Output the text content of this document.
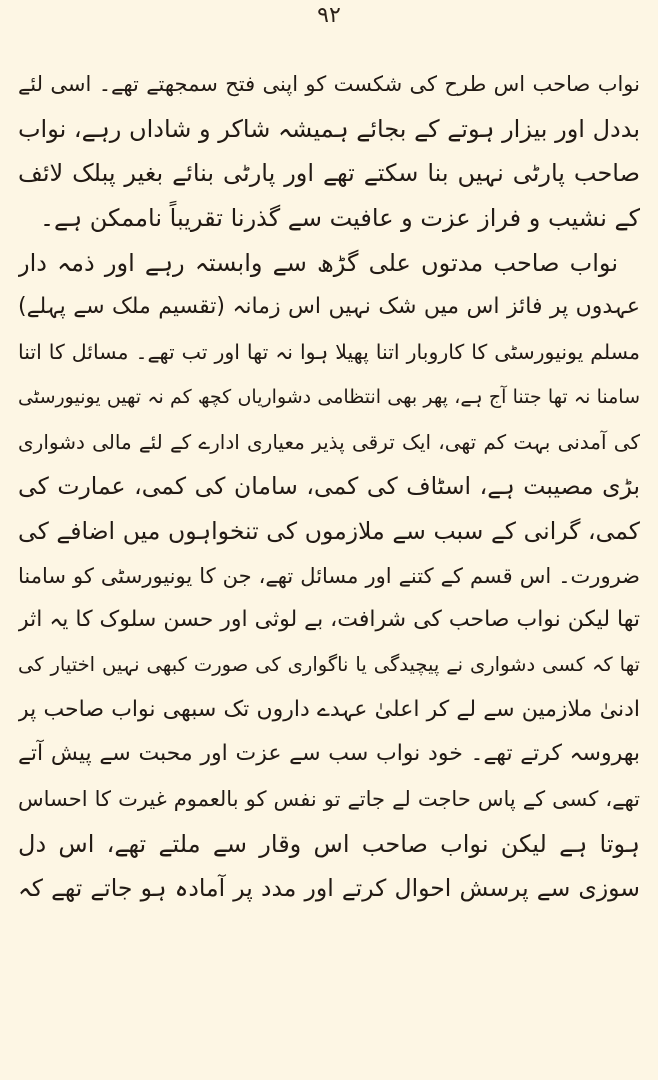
۹۲
نواب صاحب اس طرح کی شکست کو اپنی فتح سمجھتے تھے۔ اسی لئے
بددل اور بیزار ہوتے کے بجائے ہمیشہ شاکر و شاداں رہے، نواب
صاحب پارٹی نہیں بنا سکتے تھے اور پارٹی بنائے بغیر پبلک لائف
کے نشیب و فراز عزت و عافیت سے گذرنا تقریباً ناممکن ہے۔
نواب صاحب مدتوں علی گڑھ سے وابستہ رہے اور ذمہ دار
عہدوں پر فائز اس میں شک نہیں اس زمانہ (تقسیم ملک سے پہلے)
مسلم یونیورسٹی کا کاروبار اتنا پھیلا ہوا نہ تھا اور تب تھے۔ مسائل کا اتنا
سامنا نہ تھا جتنا آج ہے، پھر بھی انتظامی دشواریاں کچھ کم نہ تھیں یونیورسٹی
کی آمدنی بہت کم تھی، ایک ترقی پذیر معیاری ادارے کے لئے مالی دشواری
بڑی مصیبت ہے، اسٹاف کی کمی، سامان کی کمی، عمارت کی
کمی، گرانی کے سبب سے ملازموں کی تنخواہوں میں اضافے کی
ضرورت۔ اس قسم کے کتنے اور مسائل تھے، جن کا یونیورسٹی کو سامنا
تھا لیکن نواب صاحب کی شرافت، بے لوثی اور حسن سلوک کا یہ اثر
تھا کہ کسی دشواری نے پیچیدگی یا ناگواری کی صورت کبھی نہیں اختیار کی
ادنیٰ ملازمین سے لے کر اعلیٰ عہدے داروں تک سبھی نواب صاحب پر
بھروسہ کرتے تھے۔ خود نواب سب سے عزت اور محبت سے پیش آتے
تھے، کسی کے پاس حاجت لے جاتے تو نفس کو بالعموم غیرت کا احساس
ہوتا ہے لیکن نواب صاحب اس وقار سے ملتے تھے، اس دل
سوزی سے پرسش احوال کرتے اور مدد پر آمادہ ہو جاتے تھے کہ
